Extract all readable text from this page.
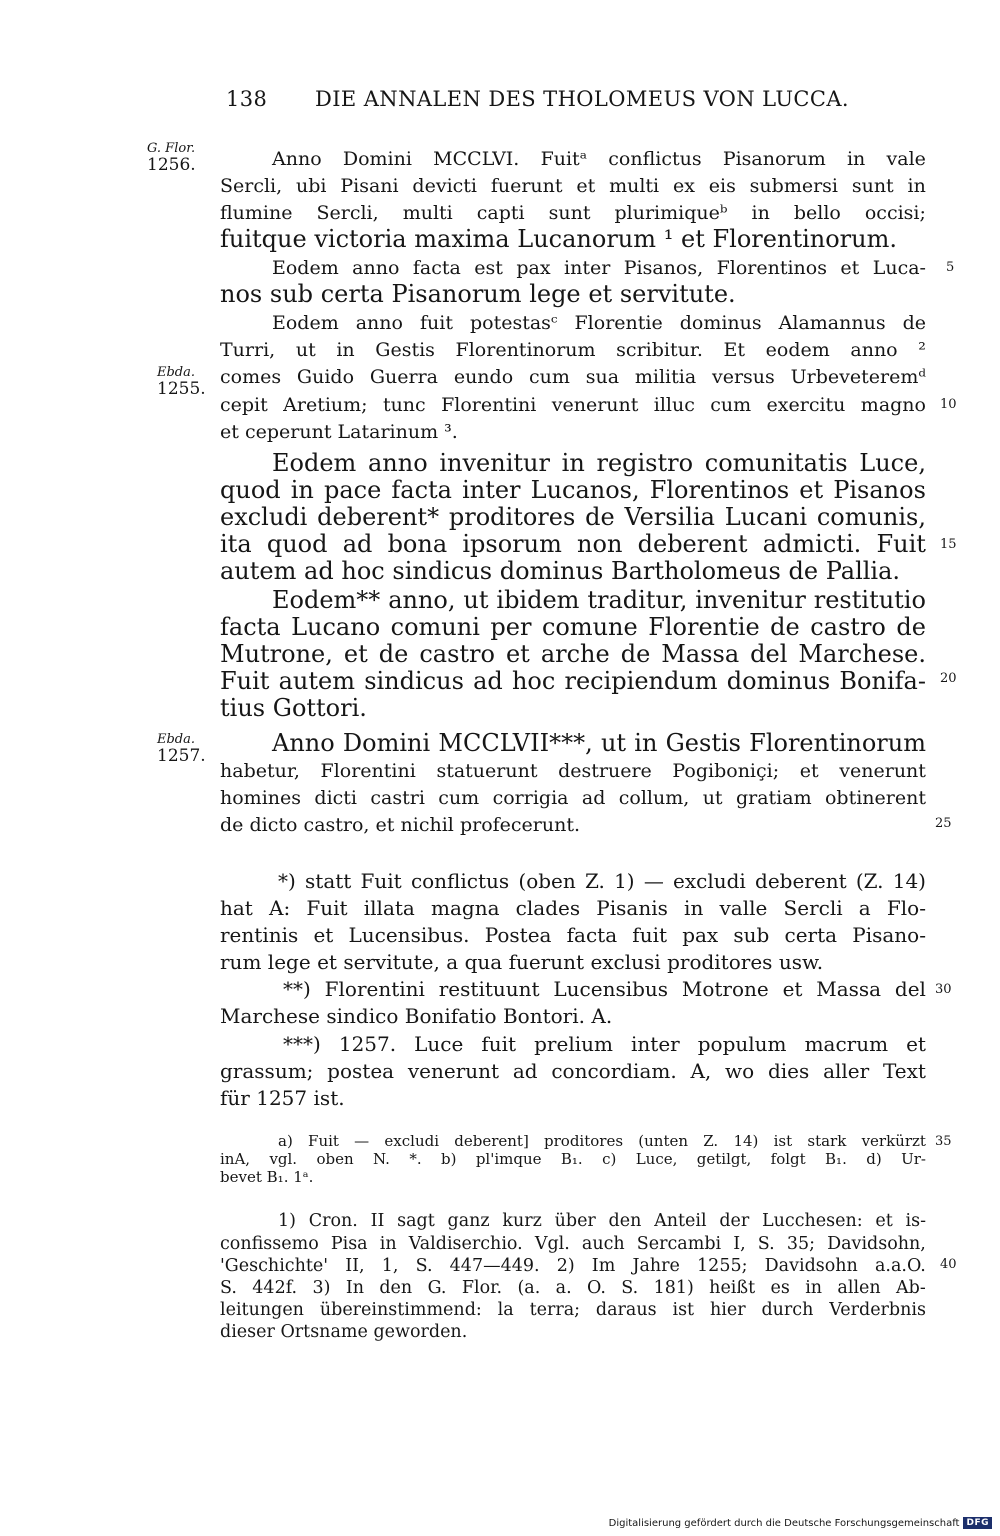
138 DIE ANNALEN DES THOLOMEUS VON LUCCA.
G. Flor.
1256.
Ebda.
1255.
Ebda.
1257.
5
10
15
20
25
30
35
40
Anno Domini MCCLVI. Fuitᵃ conflictus Pisanorum in vale
Sercli, ubi Pisani devicti fuerunt et multi ex eis submersi sunt in
flumine Sercli, multi capti sunt plurimiqueᵇ in bello occisi;
fuitque victoria maxima Lucanorum ¹ et Florentinorum.
Eodem anno facta est pax inter Pisanos, Florentinos et Luca-
nos sub certa Pisanorum lege et servitute.
Eodem anno fuit potestasᶜ Florentie dominus Alamannus de
Turri, ut in Gestis Florentinorum scribitur. Et eodem anno ²
comes Guido Guerra eundo cum sua militia versus Urbeveteremᵈ
cepit Aretium; tunc Florentini venerunt illuc cum exercitu magno
et ceperunt Latarinum ³.
Eodem anno invenitur in registro comunitatis Luce,
quod in pace facta inter Lucanos, Florentinos et Pisanos
excludi deberent* proditores de Versilia Lucani comunis,
ita quod ad bona ipsorum non deberent admicti. Fuit
autem ad hoc sindicus dominus Bartholomeus de Pallia.
Eodem** anno, ut ibidem traditur, invenitur restitutio
facta Lucano comuni per comune Florentie de castro de
Mutrone, et de castro et arche de Massa del Marchese.
Fuit autem sindicus ad hoc recipiendum dominus Bonifa-
tius Gottori.
Anno Domini MCCLVII***, ut in Gestis Florentinorum
habetur, Florentini statuerunt destruere Pogiboniçi; et venerunt
homines dicti castri cum corrigia ad collum, ut gratiam obtinerent
de dicto castro, et nichil profecerunt.
*) statt Fuit conflictus (oben Z. 1) — excludi deberent (Z. 14)
hat A: Fuit illata magna clades Pisanis in valle Sercli a Flo-
rentinis et Lucensibus. Postea facta fuit pax sub certa Pisano-
rum lege et servitute, a qua fuerunt exclusi proditores usw.
**) Florentini restituunt Lucensibus Motrone et Massa del
Marchese sindico Bonifatio Bontori. A.
***) 1257. Luce fuit prelium inter populum macrum et
grassum; postea venerunt ad concordiam. A, wo dies aller Text
für 1257 ist.
a) Fuit — excludi deberent] proditores (unten Z. 14) ist stark verkürzt
inA, vgl. oben N. *. b) pl'imque B₁. c) Luce, getilgt, folgt B₁. d) Ur-
bevet B₁. 1ᵃ.
1) Cron. II sagt ganz kurz über den Anteil der Lucchesen: et is-
confissemo Pisa in Valdiserchio. Vgl. auch Sercambi I, S. 35; Davidsohn,
'Geschichte' II, 1, S. 447—449. 2) Im Jahre 1255; Davidsohn a.a.O.
S. 442f. 3) In den G. Flor. (a. a. O. S. 181) heißt es in allen Ab-
leitungen übereinstimmend: la terra; daraus ist hier durch Verderbnis
dieser Ortsname geworden.
Digitalisierung gefördert durch die Deutsche Forschungsgemeinschaft DFG
